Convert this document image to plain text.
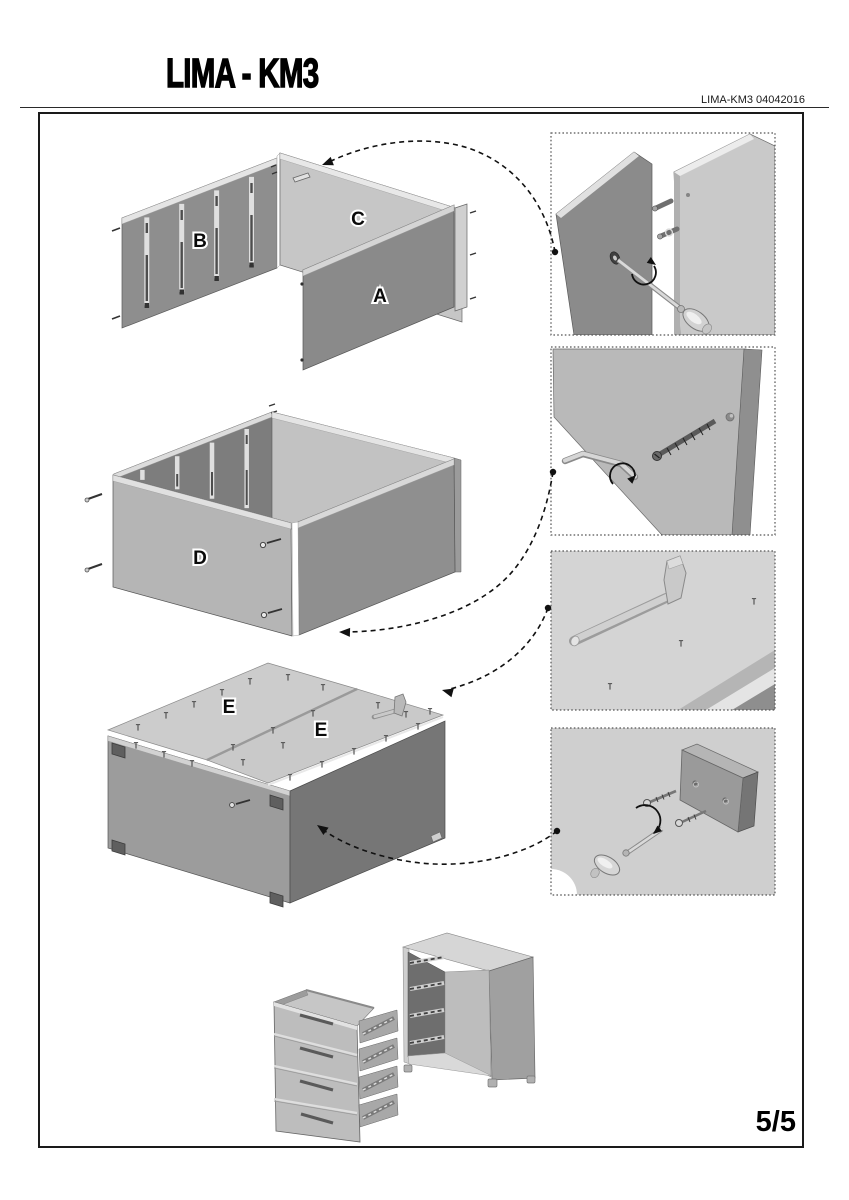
LIMA - KM3
LIMA-KM3 04042016
5/5
B
C
A
D
E
E
